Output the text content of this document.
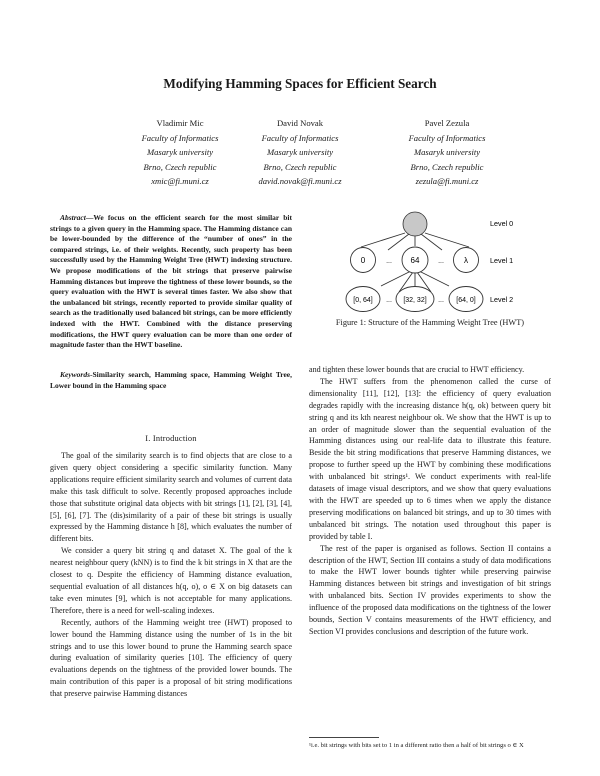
Modifying Hamming Spaces for Efficient Search
Vladimir Mic
Faculty of Informatics
Masaryk university
Brno, Czech republic
xmic@fi.muni.cz
David Novak
Faculty of Informatics
Masaryk university
Brno, Czech republic
david.novak@fi.muni.cz
Pavel Zezula
Faculty of Informatics
Masaryk university
Brno, Czech republic
zezula@fi.muni.cz
Abstract—We focus on the efficient search for the most similar bit strings to a given query in the Hamming space. The Hamming distance can be lower-bounded by the difference of the “number of ones” in the compared strings, i.e. of their weights. Recently, such property has been successfully used by the Hamming Weight Tree (HWT) indexing structure. We propose modifications of the bit strings that preserve pairwise Hamming distances but improve the tightness of these lower bounds, so the query evaluation with the HWT is several times faster. We also show that the unbalanced bit strings, recently reported to provide similar quality of search as the traditionally used balanced bit strings, can be more efficiently indexed with the HWT. Combined with the distance preserving modifications, the HWT query evaluation can be more than one order of magnitude faster than the HWT baseline.
Keywords-Similarity search, Hamming space, Hamming Weight Tree, Lower bound in the Hamming space
I. Introduction

The goal of the similarity search is to find objects that are close to a given query object considering a specific similarity function. Many applications require efficient similarity search and volumes of current data make this task difficult to solve. Recently proposed approaches include those that substitute original data objects with bit strings [1], [2], [3], [4], [5], [6], [7]. The (dis)similarity of a pair of these bit strings is usually expressed by the Hamming distance h [8], which evaluates the number of different bits.

We consider a query bit string q and dataset X. The goal of the k nearest neighbour query (kNN) is to find the k bit strings in X that are the closest to q. Despite the efficiency of Hamming distance evaluation, sequential evaluation of all distances h(q, o), o ∈ X on big datasets can take even minutes [9], which is not acceptable for many applications. Therefore, there is a need for well-scaling indexes.

Recently, authors of the Hamming weight tree (HWT) proposed to lower bound the Hamming distance using the number of 1s in the bit strings and to use this lower bound to prune the Hamming search space during evaluation of similarity queries [10]. The efficiency of query evaluations depends on the tightness of the provided lower bounds. The main contribution of this paper is a proposal of bit string modifications that preserve pairwise Hamming distances

0	64	λ
...	...
[0, 64]	[32, 32]	[64, 0]
...	...
Level 0
Level 1
Level 2
Figure 1: Structure of the Hamming Weight Tree (HWT)

and tighten these lower bounds that are crucial to HWT efficiency.

The HWT suffers from the phenomenon called the curse of dimensionality [11], [12], [13]: the efficiency of query evaluation degrades rapidly with the increasing distance h(q, ok) between query bit string q and its kth nearest neighbour ok. We show that the HWT is up to an order of magnitude slower than the sequential evaluation of the Hamming distances using our real-life data to illustrate this feature. Beside the bit string modifications that preserve Hamming distances, we propose to further speed up the HWT by combining these modifications with unbalanced bit strings¹. We conduct experiments with real-life datasets of image visual descriptors, and we show that query evaluations with the HWT are speeded up to 6 times when we apply the distance preserving modifications on balanced bit strings, and up to 30 times with unbalanced bit strings. The notation used throughout this paper is provided by table I.

The rest of the paper is organised as follows. Section II contains a description of the HWT, Section III contains a study of data modifications to make the HWT lower bounds tighter while preserving pairwise Hamming distances between bit strings and investigation of bit strings with unbalanced bits. Section IV provides experiments to show the influence of the proposed data modifications on the tightness of the lower bounds, Section V contains measurements of the HWT efficiency, and Section VI provides conclusions and description of the future work.

¹i.e. bit strings with bits set to 1 in a different ratio then a half of bit strings o ∈ X
